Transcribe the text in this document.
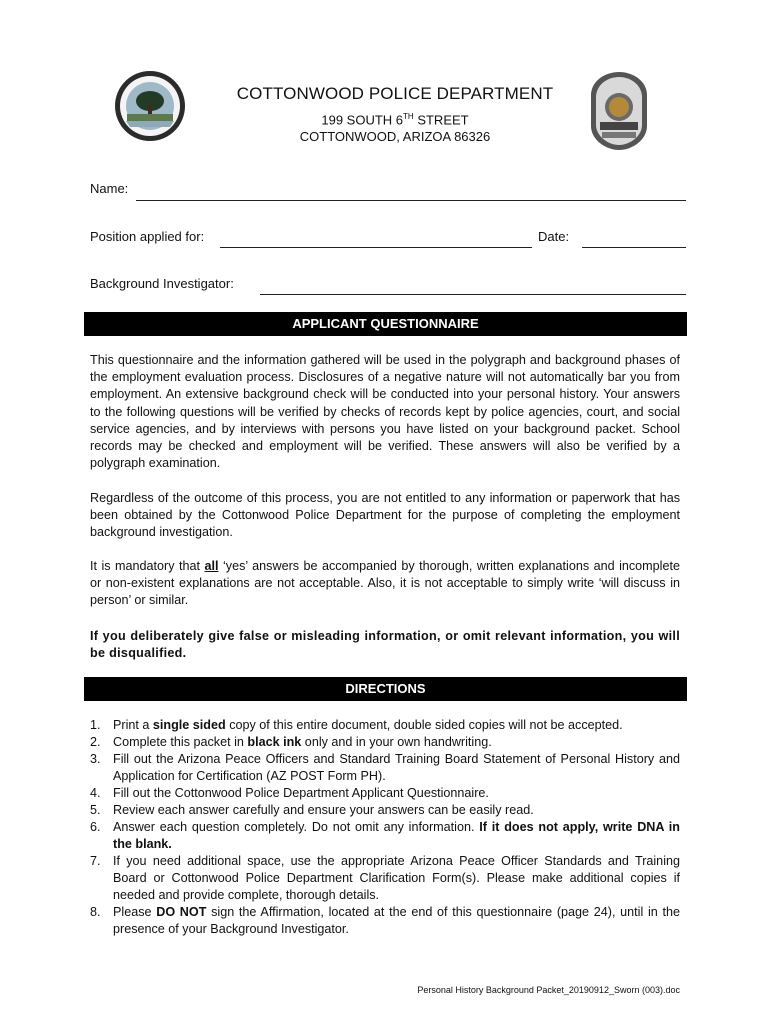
COTTONWOOD POLICE DEPARTMENT
199 SOUTH 6TH STREET
COTTONWOOD, ARIZOA 86326
Name:
Position applied for:	Date:
Background Investigator:
APPLICANT QUESTIONNAIRE
This questionnaire and the information gathered will be used in the polygraph and background phases of the employment evaluation process. Disclosures of a negative nature will not automatically bar you from employment. An extensive background check will be conducted into your personal history. Your answers to the following questions will be verified by checks of records kept by police agencies, court, and social service agencies, and by interviews with persons you have listed on your background packet. School records may be checked and employment will be verified. These answers will also be verified by a polygraph examination.
Regardless of the outcome of this process, you are not entitled to any information or paperwork that has been obtained by the Cottonwood Police Department for the purpose of completing the employment background investigation.
It is mandatory that all ‘yes’ answers be accompanied by thorough, written explanations and incomplete or non-existent explanations are not acceptable. Also, it is not acceptable to simply write ‘will discuss in person’ or similar.
If you deliberately give false or misleading information, or omit relevant information, you will be disqualified.
DIRECTIONS
1. Print a single sided copy of this entire document, double sided copies will not be accepted.
2. Complete this packet in black ink only and in your own handwriting.
3. Fill out the Arizona Peace Officers and Standard Training Board Statement of Personal History and Application for Certification (AZ POST Form PH).
4. Fill out the Cottonwood Police Department Applicant Questionnaire.
5. Review each answer carefully and ensure your answers can be easily read.
6. Answer each question completely. Do not omit any information. If it does not apply, write DNA in the blank.
7. If you need additional space, use the appropriate Arizona Peace Officer Standards and Training Board or Cottonwood Police Department Clarification Form(s). Please make additional copies if needed and provide complete, thorough details.
8. Please DO NOT sign the Affirmation, located at the end of this questionnaire (page 24), until in the presence of your Background Investigator.
Personal History Background Packet_20190912_Sworn (003).doc
